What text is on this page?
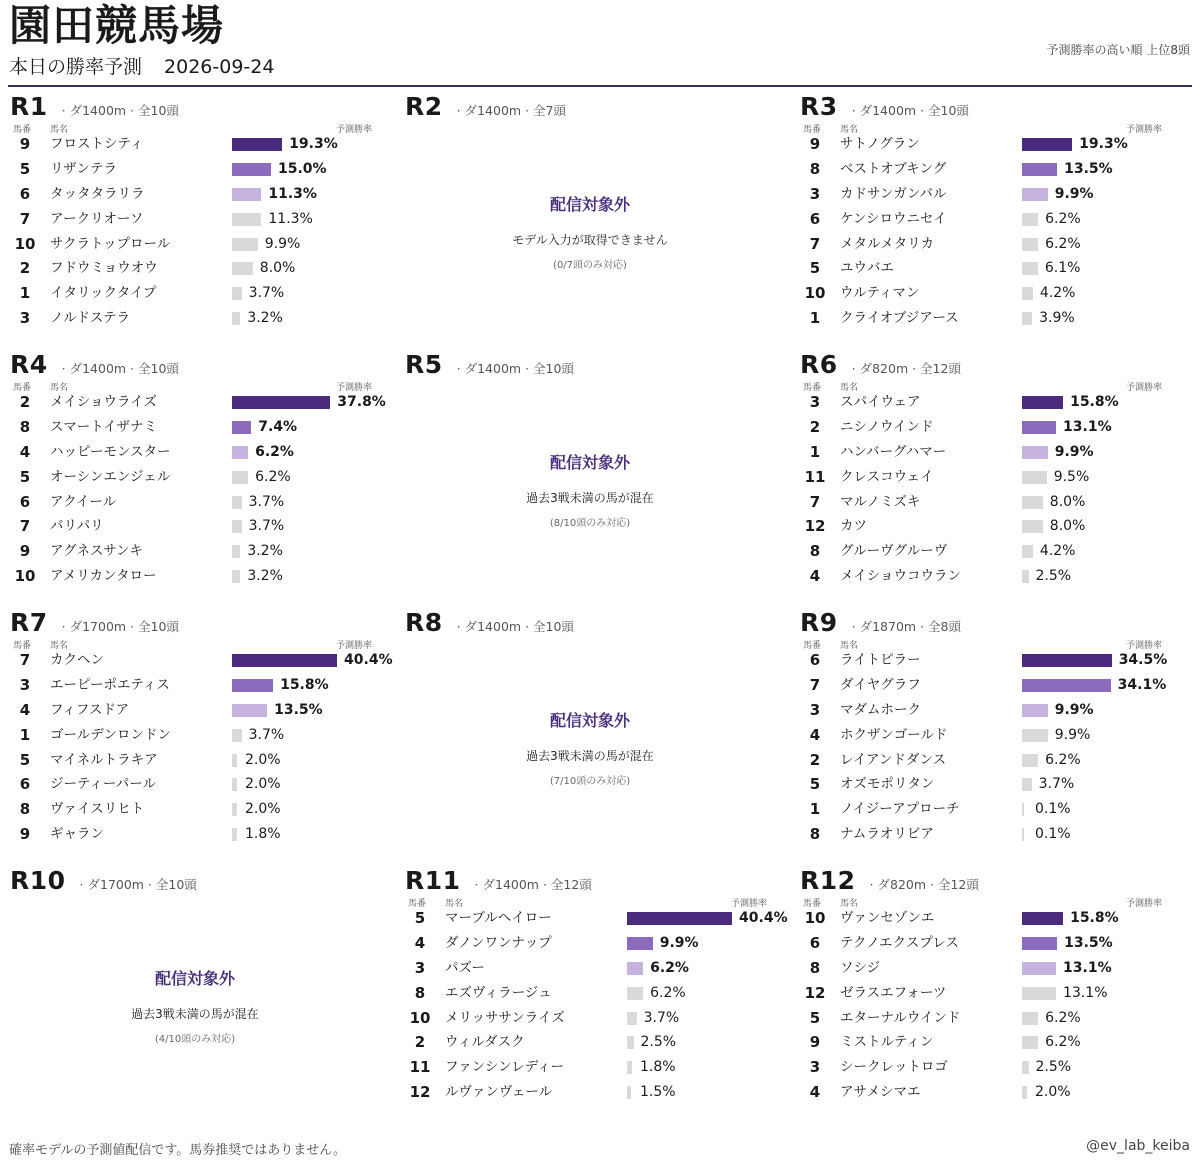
園田競馬場
本日の勝率予測 2026-09-24
予測勝率の高い順 上位8頭
R1 · ダ1400m · 全10頭
馬番 馬名	予測勝率
9	フロストシティ	19.3%
5	リザンテラ	15.0%
6	タッタタラリラ	11.3%
7	アークリオーソ	11.3%
10	サクラトップロール	9.9%
2	フドウミョウオウ	8.0%
1	イタリックタイプ	3.7%
3	ノルドステラ	3.2%
R2 · ダ1400m · 全7頭
配信対象外
モデル入力が取得できません
(0/7頭のみ対応)
R3 · ダ1400m · 全10頭
馬番 馬名	予測勝率
9	サトノグラン	19.3%
8	ベストオブキング	13.5%
3	カドサンガンバル	9.9%
6	ケンシロウニセイ	6.2%
7	メタルメタリカ	6.2%
5	ユウバエ	6.1%
10	ウルティマン	4.2%
1	クライオブジアース	3.9%
R4 · ダ1400m · 全10頭
馬番 馬名	予測勝率
2	メイショウライズ	37.8%
8	スマートイザナミ	7.4%
4	ハッピーモンスター	6.2%
5	オーシンエンジェル	6.2%
6	アクイール	3.7%
7	パリパリ	3.7%
9	アグネスサンキ	3.2%
10	アメリカンタロー	3.2%
R5 · ダ1400m · 全10頭
配信対象外
過去3戦未満の馬が混在
(8/10頭のみ対応)
R6 · ダ820m · 全12頭
馬番 馬名	予測勝率
3	スパイウェア	15.8%
2	ニシノウインド	13.1%
1	ハンバーグハマー	9.9%
11	クレスコウェイ	9.5%
7	マルノミズキ	8.0%
12	カツ	8.0%
8	グルーヴグルーヴ	4.2%
4	メイショウコウラン	2.5%
R7 · ダ1700m · 全10頭
馬番 馬名	予測勝率
7	カクヘン	40.4%
3	エーピーポエティス	15.8%
4	フィフスドア	13.5%
1	ゴールデンロンドン	3.7%
5	マイネルトラキア	2.0%
6	ジーティーパール	2.0%
8	ヴァイスリヒト	2.0%
9	ギャラン	1.8%
R8 · ダ1400m · 全10頭
配信対象外
過去3戦未満の馬が混在
(7/10頭のみ対応)
R9 · ダ1870m · 全8頭
馬番 馬名	予測勝率
6	ライトピラー	34.5%
7	ダイヤグラフ	34.1%
3	マダムホーク	9.9%
4	ホクザンゴールド	9.9%
2	レイアンドダンス	6.2%
5	オズモポリタン	3.7%
1	ノイジーアプローチ	0.1%
8	ナムラオリビア	0.1%
R10 · ダ1700m · 全10頭
配信対象外
過去3戦未満の馬が混在
(4/10頭のみ対応)
R11 · ダ1400m · 全12頭
馬番 馬名	予測勝率
5	マーブルヘイロー	40.4%
4	ダノンワンナップ	9.9%
3	パズー	6.2%
8	エズヴィラージュ	6.2%
10	メリッササンライズ	3.7%
2	ウィルダスク	2.5%
11	ファンシンレディー	1.8%
12	ルヴァンヴェール	1.5%
R12 · ダ820m · 全12頭
馬番 馬名	予測勝率
10	ヴァンセゾンエ	15.8%
6	テクノエクスプレス	13.5%
8	ソシジ	13.1%
12	ゼラスエフォーツ	13.1%
5	エターナルウインド	6.2%
9	ミストルティン	6.2%
3	シークレットロゴ	2.5%
4	アサメシマエ	2.0%
確率モデルの予測値配信です。馬券推奨ではありません。	@ev_lab_keiba
